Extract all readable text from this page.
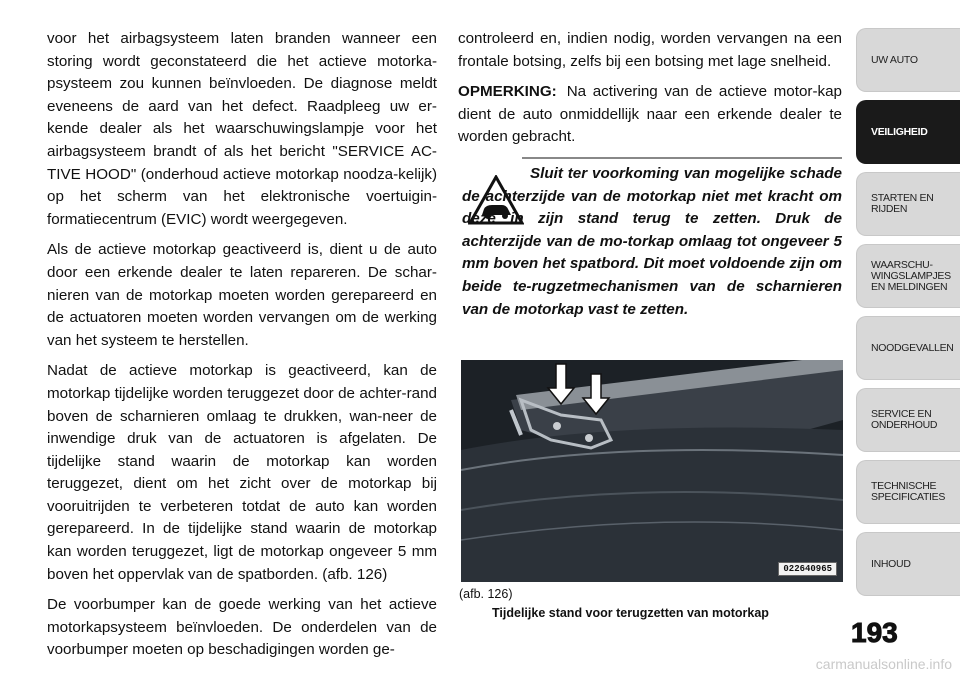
voor het airbagsysteem laten branden wanneer een storing wordt geconstateerd die het actieve motorka-psysteem zou kunnen beïnvloeden. De diagnose meldt eveneens de aard van het defect. Raadpleeg uw er-kende dealer als het waarschuwingslampje voor het airbagsysteem brandt of als het bericht "SERVICE AC-TIVE HOOD" (onderhoud actieve motorkap noodza-kelijk) op het scherm van het elektronische voertuigin-formatiecentrum (EVIC) wordt weergegeven.

Als de actieve motorkap geactiveerd is, dient u de auto door een erkende dealer te laten repareren. De schar-nieren van de motorkap moeten worden gerepareerd en de actuatoren moeten worden vervangen om de werking van het systeem te herstellen.

Nadat de actieve motorkap is geactiveerd, kan de motorkap tijdelijke worden teruggezet door de achter-rand boven de scharnieren omlaag te drukken, wan-neer de inwendige druk van de actuatoren is afgelaten. De tijdelijke stand waarin de motorkap kan worden teruggezet, dient om het zicht over de motorkap bij vooruitrijden te verbeteren totdat de auto kan worden gerepareerd. In de tijdelijke stand waarin de motorkap kan worden teruggezet, ligt de motorkap ongeveer 5 mm boven het oppervlak van de spatborden. (afb. 126)

De voorbumper kan de goede werking van het actieve motorkapsysteem beïnvloeden. De onderdelen van de voorbumper moeten op beschadigingen worden ge-

controleerd en, indien nodig, worden vervangen na een frontale botsing, zelfs bij een botsing met lage snelheid.

OPMERKING: Na activering van de actieve motor-kap dient de auto onmiddellijk naar een erkende dealer te worden gebracht.

Sluit ter voorkoming van mogelijke schade de achterzijde van de motorkap niet met kracht om deze in zijn stand terug te zetten. Druk de achterzijde van de mo-torkap omlaag tot ongeveer 5 mm boven het spatbord. Dit moet voldoende zijn om beide te-rugzetmechanismen van de scharnieren van de motorkap vast te zetten.
022640965
(afb. 126)
Tijdelijke stand voor terugzetten van motorkap
UW AUTO
VEILIGHEID
STARTEN EN RIJDEN
WAARSCHU-WINGSLAMPJES EN MELDINGEN
NOODGEVALLEN
SERVICE EN ONDERHOUD
TECHNISCHE SPECIFICATIES
INHOUD
193
carmanualsonline.info
